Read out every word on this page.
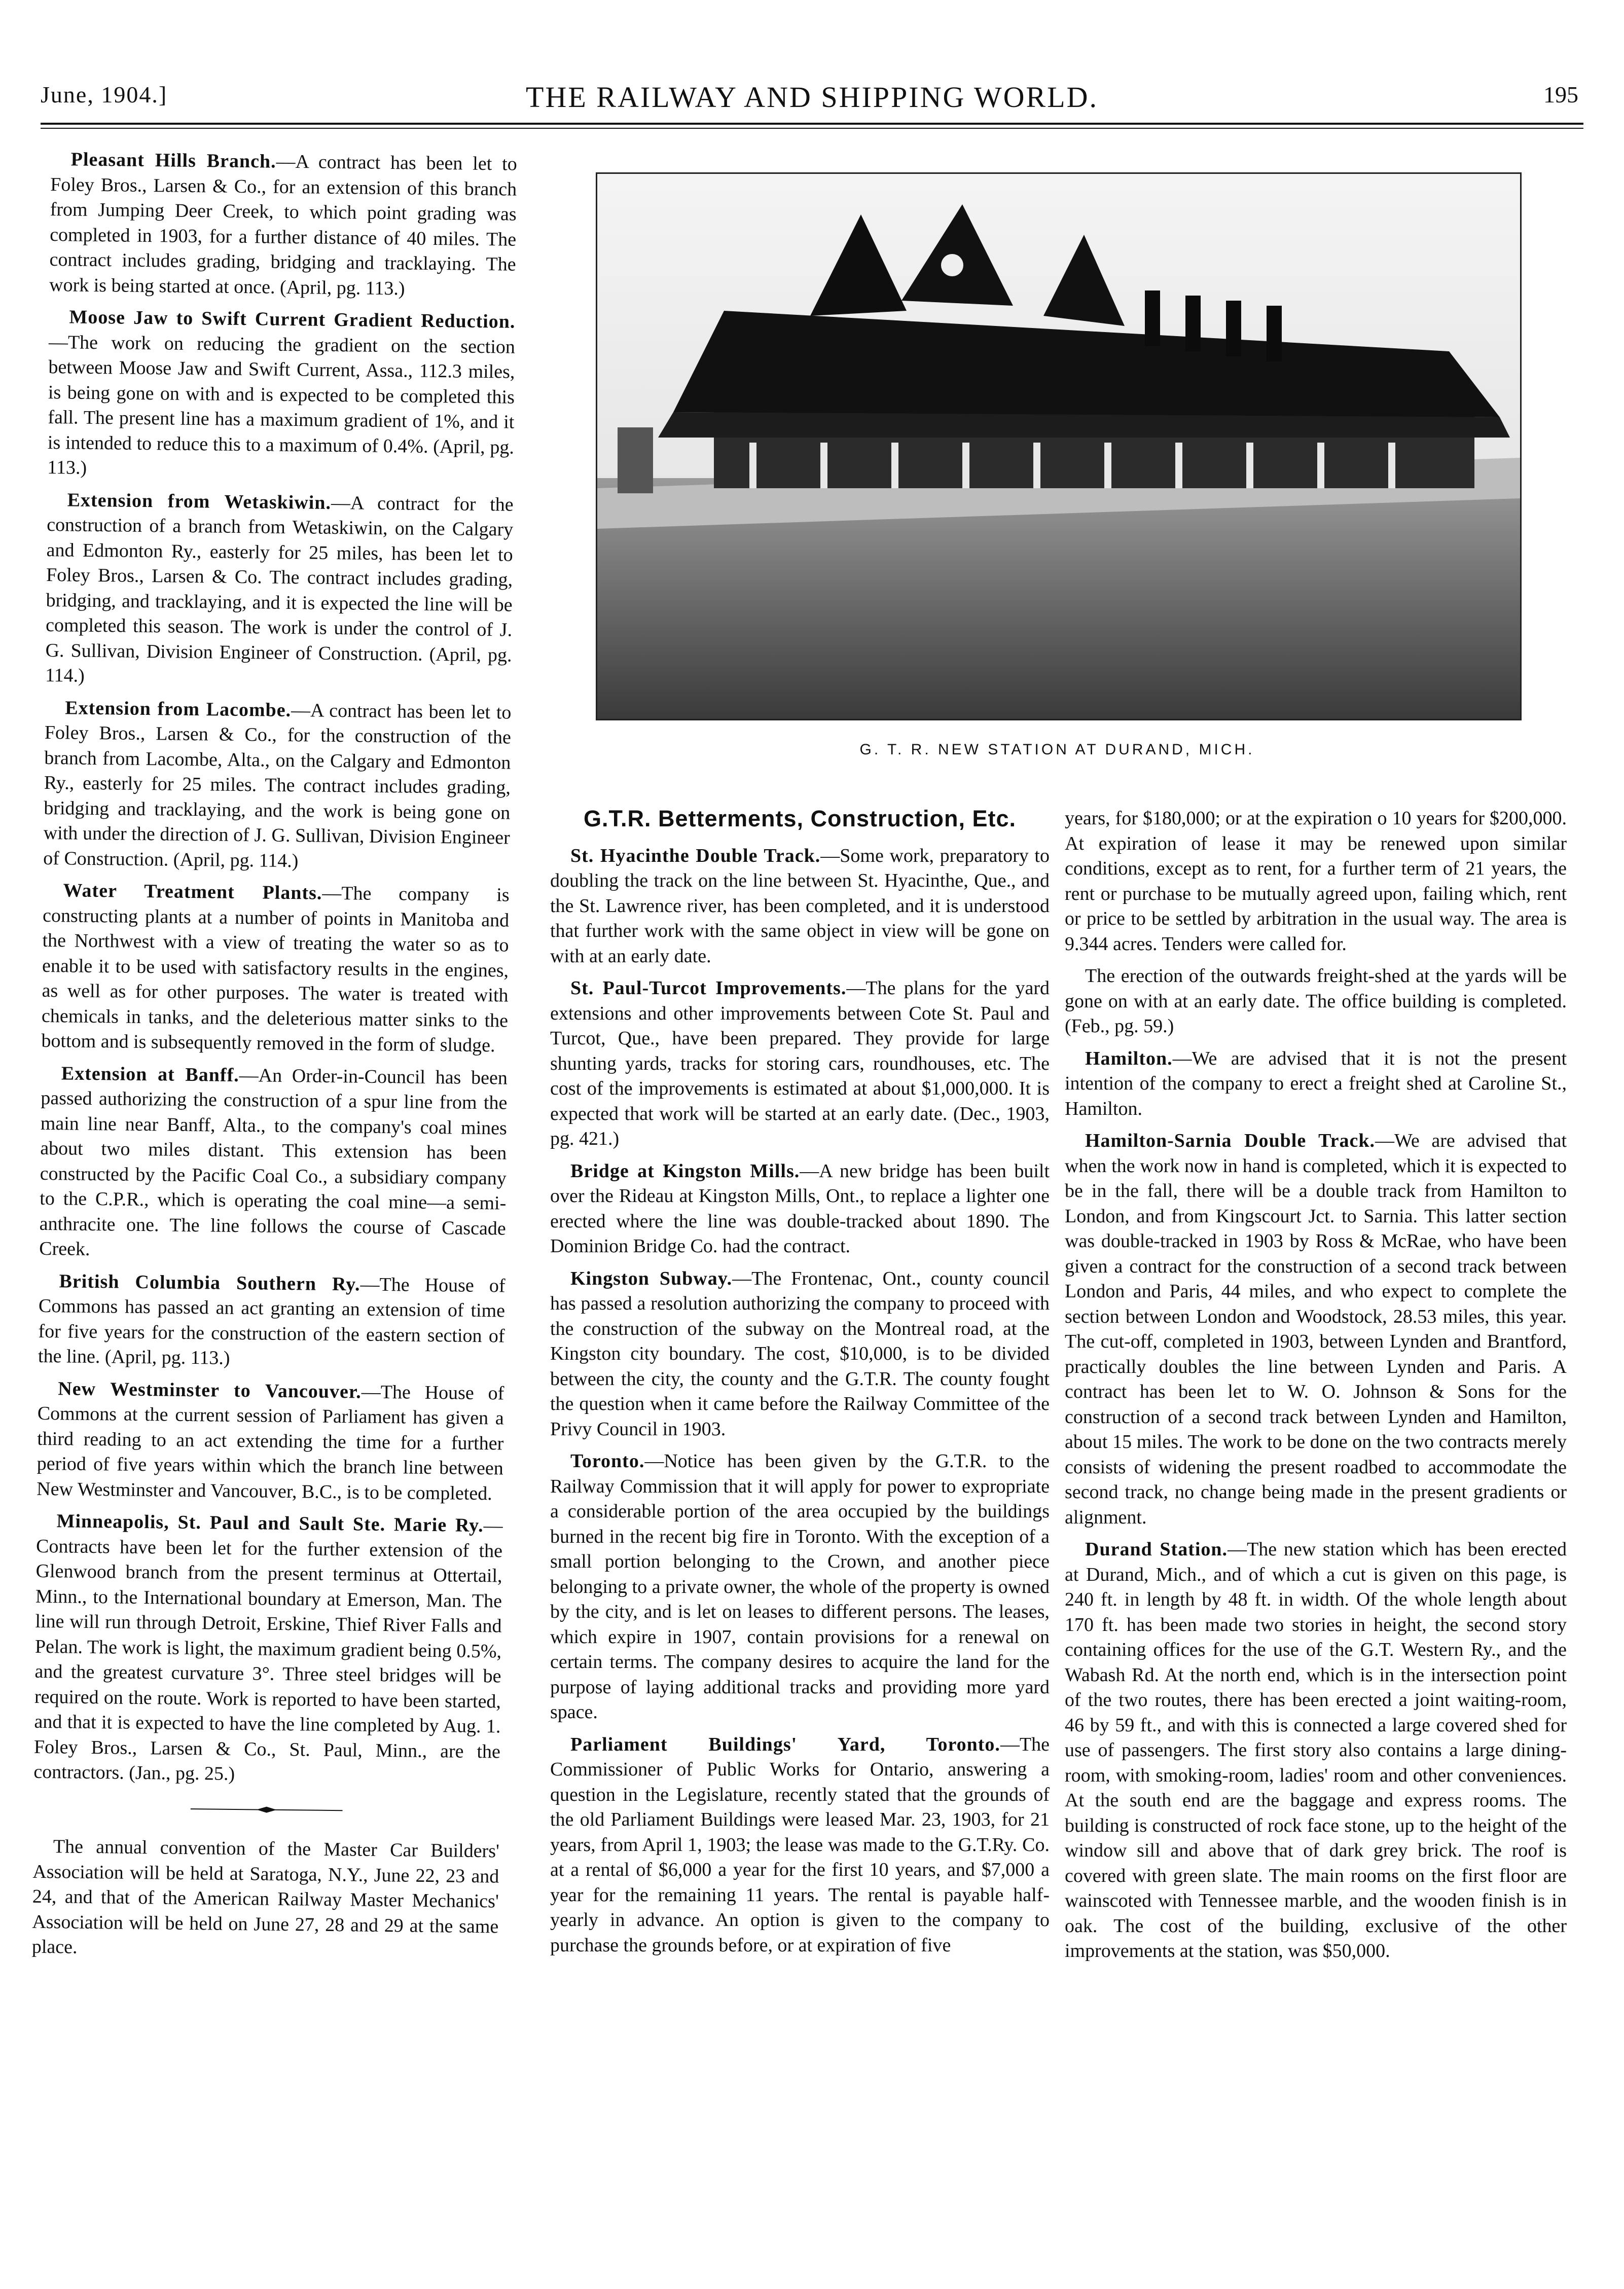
June, 1904.]	THE RAILWAY AND SHIPPING WORLD.	195

Pleasant Hills Branch.—A contract has been let to Foley Bros., Larsen & Co., for an extension of this branch from Jumping Deer Creek, to which point grading was completed in 1903, for a further distance of 40 miles. The contract includes grading, bridging and tracklaying. The work is being started at once. (April, pg. 113.)

Moose Jaw to Swift Current Gradient Reduction.—The work on reducing the gradient on the section between Moose Jaw and Swift Current, Assa., 112.3 miles, is being gone on with and is expected to be completed this fall. The present line has a maximum gradient of 1%, and it is intended to reduce this to a maximum of 0.4%. (April, pg. 113.)

Extension from Wetaskiwin.—A contract for the construction of a branch from Wetaskiwin, on the Calgary and Edmonton Ry., easterly for 25 miles, has been let to Foley Bros., Larsen & Co. The contract includes grading, bridging, and tracklaying, and it is expected the line will be completed this season. The work is under the control of J. G. Sullivan, Division Engineer of Construction. (April, pg. 114.)

Extension from Lacombe.—A contract has been let to Foley Bros., Larsen & Co., for the construction of the branch from Lacombe, Alta., on the Calgary and Edmonton Ry., easterly for 25 miles. The contract includes grading, bridging and tracklaying, and the work is being gone on with under the direction of J. G. Sullivan, Division Engineer of Construction. (April, pg. 114.)

Water Treatment Plants.—The company is constructing plants at a number of points in Manitoba and the Northwest with a view of treating the water so as to enable it to be used with satisfactory results in the engines, as well as for other purposes. The water is treated with chemicals in tanks, and the deleterious matter sinks to the bottom and is subsequently removed in the form of sludge.

Extension at Banff.—An Order-in-Council has been passed authorizing the construction of a spur line from the main line near Banff, Alta., to the company's coal mines about two miles distant. This extension has been constructed by the Pacific Coal Co., a subsidiary company to the C.P.R., which is operating the coal mine—a semi-anthracite one. The line follows the course of Cascade Creek.

British Columbia Southern Ry.—The House of Commons has passed an act granting an extension of time for five years for the construction of the eastern section of the line. (April, pg. 113.)

New Westminster to Vancouver.—The House of Commons at the current session of Parliament has given a third reading to an act extending the time for a further period of five years within which the branch line between New Westminster and Vancouver, B.C., is to be completed.

Minneapolis, St. Paul and Sault Ste. Marie Ry.—Contracts have been let for the further extension of the Glenwood branch from the present terminus at Ottertail, Minn., to the International boundary at Emerson, Man. The line will run through Detroit, Erskine, Thief River Falls and Pelan. The work is light, the maximum gradient being 0.5%, and the greatest curvature 3°. Three steel bridges will be required on the route. Work is reported to have been started, and that it is expected to have the line completed by Aug. 1. Foley Bros., Larsen & Co., St. Paul, Minn., are the contractors. (Jan., pg. 25.)

The annual convention of the Master Car Builders' Association will be held at Saratoga, N.Y., June 22, 23 and 24, and that of the American Railway Master Mechanics' Association will be held on June 27, 28 and 29 at the same place.

G. T. R. NEW STATION AT DURAND, MICH.
G.T.R. Betterments, Construction, Etc.

St. Hyacinthe Double Track.—Some work, preparatory to doubling the track on the line between St. Hyacinthe, Que., and the St. Lawrence river, has been completed, and it is understood that further work with the same object in view will be gone on with at an early date.

St. Paul-Turcot Improvements.—The plans for the yard extensions and other improvements between Cote St. Paul and Turcot, Que., have been prepared. They provide for large shunting yards, tracks for storing cars, roundhouses, etc. The cost of the improvements is estimated at about $1,000,000. It is expected that work will be started at an early date. (Dec., 1903, pg. 421.)

Bridge at Kingston Mills.—A new bridge has been built over the Rideau at Kingston Mills, Ont., to replace a lighter one erected where the line was double-tracked about 1890. The Dominion Bridge Co. had the contract.

Kingston Subway.—The Frontenac, Ont., county council has passed a resolution authorizing the company to proceed with the construction of the subway on the Montreal road, at the Kingston city boundary. The cost, $10,000, is to be divided between the city, the county and the G.T.R. The county fought the question when it came before the Railway Committee of the Privy Council in 1903.

Toronto.—Notice has been given by the G.T.R. to the Railway Commission that it will apply for power to expropriate a considerable portion of the area occupied by the buildings burned in the recent big fire in Toronto. With the exception of a small portion belonging to the Crown, and another piece belonging to a private owner, the whole of the property is owned by the city, and is let on leases to different persons. The leases, which expire in 1907, contain provisions for a renewal on certain terms. The company desires to acquire the land for the purpose of laying additional tracks and providing more yard space.

Parliament Buildings' Yard, Toronto.—The Commissioner of Public Works for Ontario, answering a question in the Legislature, recently stated that the grounds of the old Parliament Buildings were leased Mar. 23, 1903, for 21 years, from April 1, 1903; the lease was made to the G.T.Ry. Co. at a rental of $6,000 a year for the first 10 years, and $7,000 a year for the remaining 11 years. The rental is payable half-yearly in advance. An option is given to the company to purchase the grounds before, or at expiration of five

years, for $180,000; or at the expiration o 10 years for $200,000. At expiration of lease it may be renewed upon similar conditions, except as to rent, for a further term of 21 years, the rent or purchase to be mutually agreed upon, failing which, rent or price to be settled by arbitration in the usual way. The area is 9.344 acres. Tenders were called for.

The erection of the outwards freight-shed at the yards will be gone on with at an early date. The office building is completed. (Feb., pg. 59.)

Hamilton.—We are advised that it is not the present intention of the company to erect a freight shed at Caroline St., Hamilton.

Hamilton-Sarnia Double Track.—We are advised that when the work now in hand is completed, which it is expected to be in the fall, there will be a double track from Hamilton to London, and from Kingscourt Jct. to Sarnia. This latter section was double-tracked in 1903 by Ross & McRae, who have been given a contract for the construction of a second track between London and Paris, 44 miles, and who expect to complete the section between London and Woodstock, 28.53 miles, this year. The cut-off, completed in 1903, between Lynden and Brantford, practically doubles the line between Lynden and Paris. A contract has been let to W. O. Johnson & Sons for the construction of a second track between Lynden and Hamilton, about 15 miles. The work to be done on the two contracts merely consists of widening the present roadbed to accommodate the second track, no change being made in the present gradients or alignment.

Durand Station.—The new station which has been erected at Durand, Mich., and of which a cut is given on this page, is 240 ft. in length by 48 ft. in width. Of the whole length about 170 ft. has been made two stories in height, the second story containing offices for the use of the G.T. Western Ry., and the Wabash Rd. At the north end, which is in the intersection point of the two routes, there has been erected a joint waiting-room, 46 by 59 ft., and with this is connected a large covered shed for use of passengers. The first story also contains a large dining-room, with smoking-room, ladies' room and other conveniences. At the south end are the baggage and express rooms. The building is constructed of rock face stone, up to the height of the window sill and above that of dark grey brick. The roof is covered with green slate. The main rooms on the first floor are wainscoted with Tennessee marble, and the wooden finish is in oak. The cost of the building, exclusive of the other improvements at the station, was $50,000.
